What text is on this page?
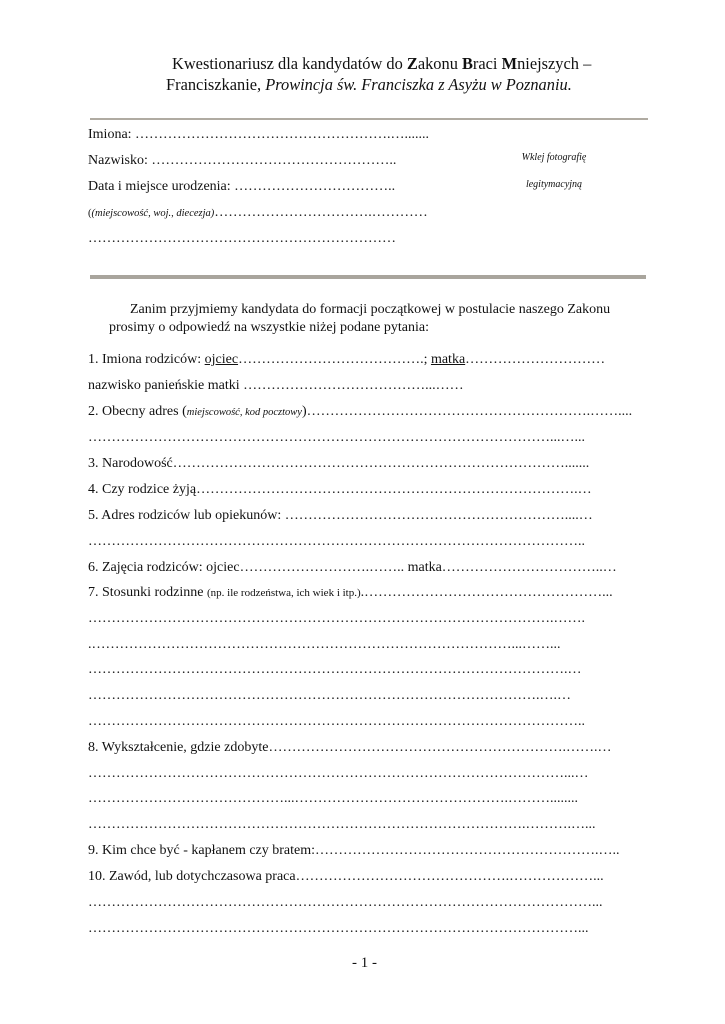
Kwestionariusz dla kandydatów do Zakonu Braci Mniejszych –
Franciszkanie, Prowincja św. Franciszka z Asyżu w Poznaniu.
Imiona: ……………………………………………….….......
Nazwisko: ……………………………………………..
Data i miejsce urodzenia: ……………………………..
((miejscowość, woj., diecezja)…………………………….…………
…………………………………………………………
Wklej fotografię
legitymacyjną
Zanim przyjmiemy kandydata do formacji początkowej w postulacie naszego Zakonu
prosimy o odpowiedź na wszystkie niżej podane pytania:
1. Imiona rodziców: ojciec………………………………….; matka…………………………
nazwisko panieńskie matki …………………………………...……
2. Obecny adres (miejscowość, kod pocztowy)…………………………………………………….……....
………………………………………………………………………………………...…...
3. Narodowość………………………………………………………………………….......
4. Czy rodzice żyją……………………………………………………………………….…
5. Adres rodziców lub opiekunów: ……………………………………………………....…
……………………………………………………………………………………………..
6. Zajęcia rodziców: ojciec……………………….…….. matka……………………………..…
7. Stosunki rodzinne (np. ile rodzeństwa, ich wiek i itp.).……………………………………………...
……………………………………………………………………………………….…….
.………………………………………………………………………………...……...
………………………………………………………………………………………….…
…………………………………………………………………………………….….…
……………………………………………………………………………………………..
8. Wykształcenie, gdzie zdobyte……………………………………………………….…….…
…………………………………………………………………………………………...…
……………………………………...……………………………………….………........
………………………………………………………………………………….……….…...
9. Kim chce być - kapłanem czy bratem:…………………………………………………….…..
10. Zawód, lub dotychczasowa praca……………………………………….………………...
………………………………………………………………………………………………...
……………………………………………………………………………………………...
- 1 -
